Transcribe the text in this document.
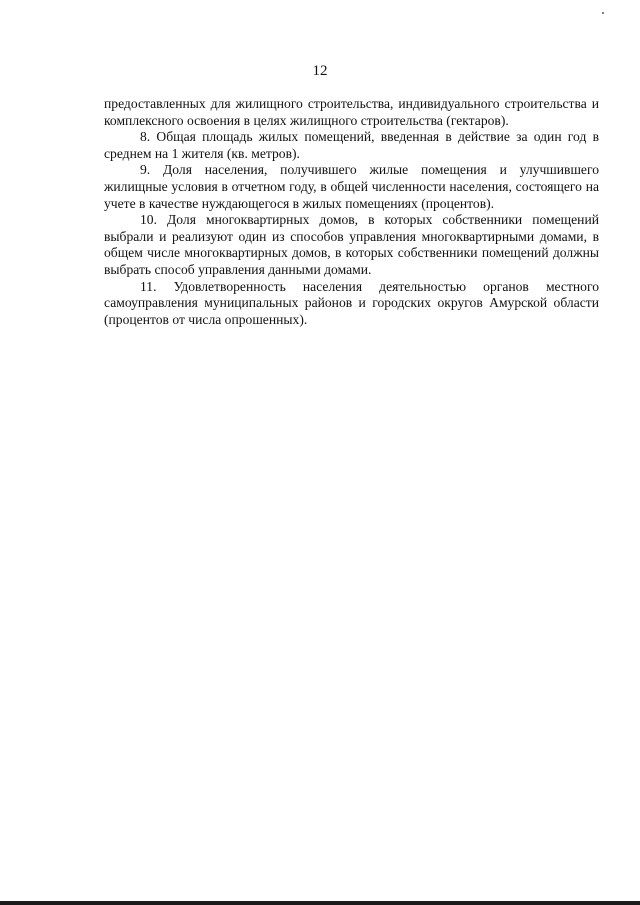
12

предоставленных для жилищного строительства, индивидуального строительства и комплексного освоения в целях жилищного строительства (гектаров).

8. Общая площадь жилых помещений, введенная в действие за один год в среднем на 1 жителя (кв. метров).

9. Доля населения, получившего жилые помещения и улучшившего жилищные условия в отчетном году, в общей численности населения, состоящего на учете в качестве нуждающегося в жилых помещениях (процентов).

10. Доля многоквартирных домов, в которых собственники помещений выбрали и реализуют один из способов управления многоквартирными домами, в общем числе многоквартирных домов, в которых собственники помещений должны выбрать способ управления данными домами.

11. Удовлетворенность населения деятельностью органов местного самоуправления муниципальных районов и городских округов Амурской области (процентов от числа опрошенных).
